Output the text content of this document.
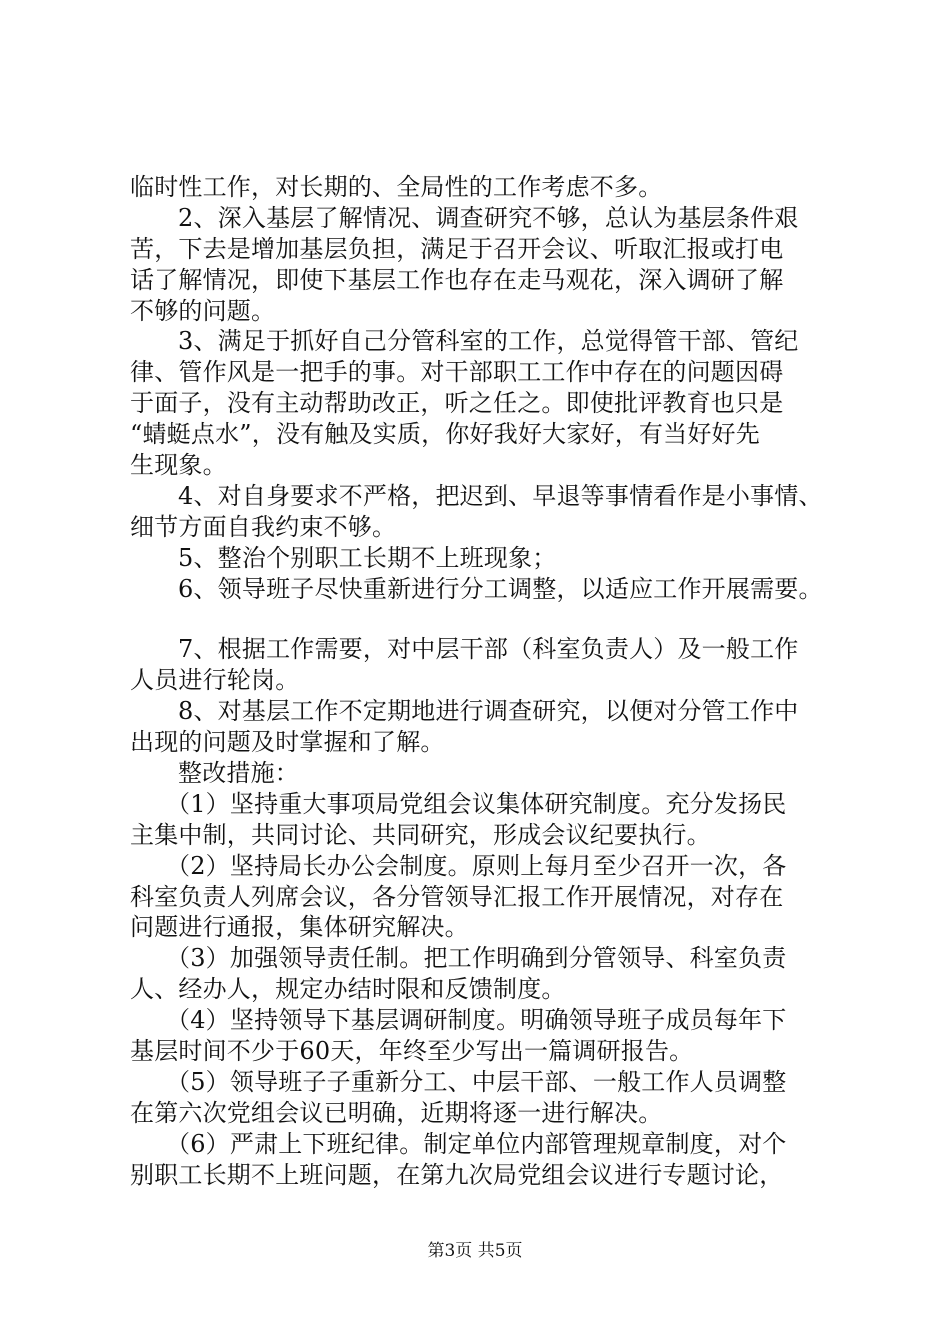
临时性工作，对长期的、全局性的工作考虑不多。
2、深入基层了解情况、调查研究不够，总认为基层条件艰
苦，下去是增加基层负担，满足于召开会议、听取汇报或打电
话了解情况，即使下基层工作也存在走马观花，深入调研了解
不够的问题。
3、满足于抓好自己分管科室的工作，总觉得管干部、管纪
律、管作风是一把手的事。对干部职工工作中存在的问题因碍
于面子，没有主动帮助改正，听之任之。即使批评教育也只是
“蜻蜓点水”，没有触及实质，你好我好大家好，有当好好先
生现象。
4、对自身要求不严格，把迟到、早退等事情看作是小事情、
细节方面自我约束不够。
5、整治个别职工长期不上班现象；
6、领导班子尽快重新进行分工调整，以适应工作开展需要。
7、根据工作需要，对中层干部（科室负责人）及一般工作
人员进行轮岗。
8、对基层工作不定期地进行调查研究，以便对分管工作中
出现的问题及时掌握和了解。
整改措施：
（1）坚持重大事项局党组会议集体研究制度。充分发扬民
主集中制，共同讨论、共同研究，形成会议纪要执行。
（2）坚持局长办公会制度。原则上每月至少召开一次，各
科室负责人列席会议，各分管领导汇报工作开展情况，对存在
问题进行通报，集体研究解决。
（3）加强领导责任制。把工作明确到分管领导、科室负责
人、经办人，规定办结时限和反馈制度。
（4）坚持领导下基层调研制度。明确领导班子成员每年下
基层时间不少于60天，年终至少写出一篇调研报告。
（5）领导班子子重新分工、中层干部、一般工作人员调整
在第六次党组会议已明确，近期将逐一进行解决。
（6）严肃上下班纪律。制定单位内部管理规章制度，对个
别职工长期不上班问题，在第九次局党组会议进行专题讨论，
第3页 共5页
